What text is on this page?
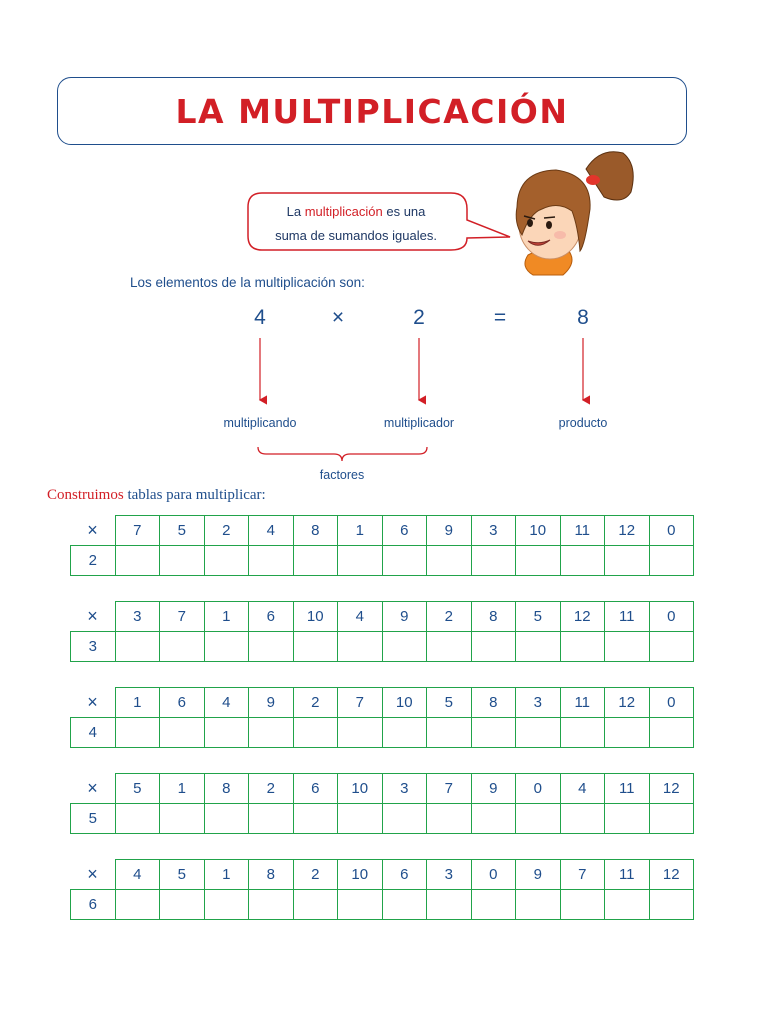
LA MULTIPLICACIÓN
La multiplicación es una
suma de sumandos iguales.
Los elementos de la multiplicación son:
4	×	2	=	8
multiplicando	multiplicador	producto
factores
Construimos tablas para multiplicar:
×	7	5	2	4	8	1	6	9	3	10	11	12	0
2													
×	3	7	1	6	10	4	9	2	8	5	12	11	0
3													
×	1	6	4	9	2	7	10	5	8	3	11	12	0
4													
×	5	1	8	2	6	10	3	7	9	0	4	11	12
5													
×	4	5	1	8	2	10	6	3	0	9	7	11	12
6													
